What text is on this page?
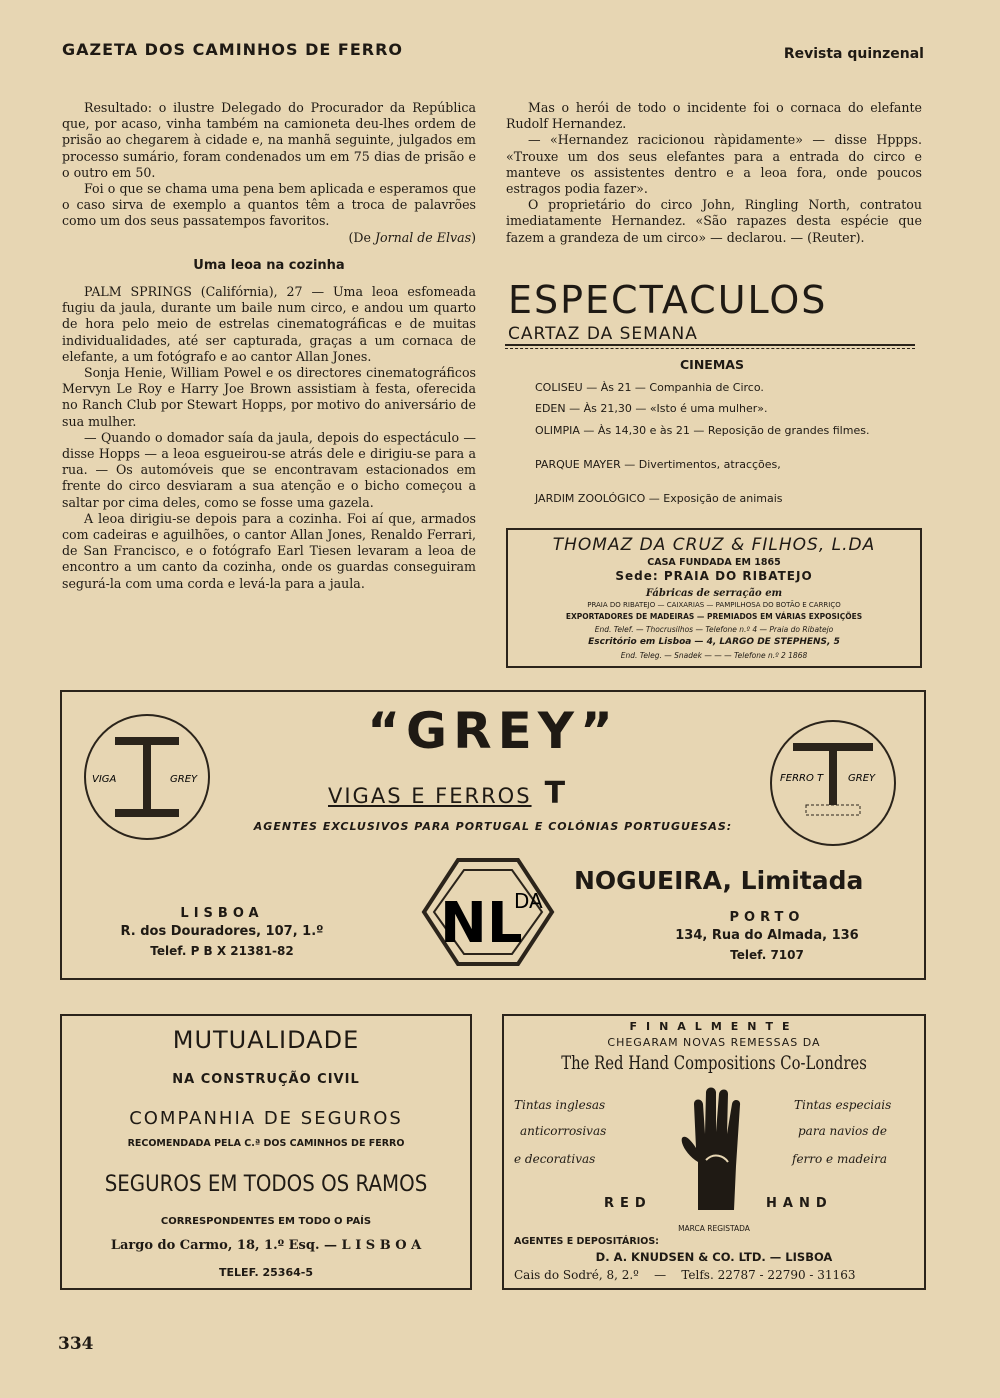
GAZETA DOS CAMINHOS DE FERRO	Revista quinzenal

Resultado: o ilustre Delegado do Procurador da República que, por acaso, vinha também na camioneta deu-lhes ordem de prisão ao chegarem à cidade e, na manhã seguinte, julgados em processo sumário, foram condenados um em 75 dias de prisão e o outro em 50.

Foi o que se chama uma pena bem aplicada e esperamos que o caso sirva de exemplo a quantos têm a troca de palavrões como um dos seus passatempos favoritos.

(De Jornal de Elvas)
Uma leoa na cozinha

PALM SPRINGS (Califórnia), 27 — Uma leoa esfomeada fugiu da jaula, durante um baile num circo, e andou um quarto de hora pelo meio de estrelas cinematográficas e de muitas individualidades, até ser capturada, graças a um cornaca de elefante, a um fotógrafo e ao cantor Allan Jones.

Sonja Henie, William Powel e os directores cinematográficos Mervyn Le Roy e Harry Joe Brown assistiam à festa, oferecida no Ranch Club por Stewart Hopps, por motivo do aniversário de sua mulher.

— Quando o domador saía da jaula, depois do espectáculo — disse Hopps — a leoa esgueirou-se atrás dele e dirigiu-se para a rua. — Os automóveis que se encontravam estacionados em frente do circo desviaram a sua atenção e o bicho começou a saltar por cima deles, como se fosse uma gazela.

A leoa dirigiu-se depois para a cozinha. Foi aí que, armados com cadeiras e aguilhões, o cantor Allan Jones, Renaldo Ferrari, de San Francisco, e o fotógrafo Earl Tiesen levaram a leoa de encontro a um canto da cozinha, onde os guardas conseguiram segurá-la com uma corda e levá-la para a jaula.

Mas o herói de todo o incidente foi o cornaca do elefante Rudolf Hernandez.

— «Hernandez racicionou ràpidamente» — disse Hppps. «Trouxe um dos seus elefantes para a entrada do circo e manteve os assistentes dentro e a leoa fora, onde poucos estragos podia fazer».

O proprietário do circo John, Ringling North, contratou imediatamente Hernandez. «São rapazes desta espécie que fazem a grandeza de um circo» — declarou. — (Reuter).

ESPECTACULOS
CARTAZ DA SEMANA
CINEMAS
COLISEU — Às 21 — Companhia de Circo.
EDEN — Às 21,30 — «Isto é uma mulher».
OLIMPIA — Às 14,30 e às 21 — Reposição de grandes filmes.
PARQUE MAYER — Divertimentos, atracções,
JARDIM ZOOLÓGICO — Exposição de animais
THOMAZ DA CRUZ & FILHOS, L.DA
CASA FUNDADA EM 1865
Sede: PRAIA DO RIBATEJO
Fábricas de serração em
PRAIA DO RIBATEJO — CAIXARIAS — PAMPILHOSA DO BOTÃO E CARRIÇO
EXPORTADORES DE MADEIRAS — PREMIADOS EM VÁRIAS EXPOSIÇÕES
End. Telef. — Thocrusilhos — Telefone n.º 4 — Praia do Ribatejo
Escritório em Lisboa — 4, LARGO DE STEPHENS, 5
End. Teleg. — Snadek — — — Telefone n.º 2 1868
VIGA	GREY	FERRO T GREY
“GREY”
VIGAS E FERROS T
AGENTES EXCLUSIVOS PARA PORTUGAL E COLÓNIAS PORTUGUESAS:
NL
DA
NOGUEIRA, Limitada
LISBOA
R. dos Douradores, 107, 1.º
Telef. P B X 21381-82
PORTO
134, Rua do Almada, 136
Telef. 7107
MUTUALIDADE
NA CONSTRUÇÃO CIVIL
COMPANHIA DE SEGUROS
RECOMENDADA PELA C.ª DOS CAMINHOS DE FERRO
SEGUROS EM TODOS OS RAMOS
CORRESPONDENTES EM TODO O PAÍS
Largo do Carmo, 18, 1.º Esq. — L I S B O A
TELEF. 25364-5
FINALMENTE
CHEGARAM NOVAS REMESSAS DA
The Red Hand Compositions Co-Londres
Tintas inglesas
anticorrosivas
e decorativas
Tintas especiais
para navios de
ferro e madeira
RED	HAND
MARCA REGISTADA
AGENTES E DEPOSITÁRIOS:
D. A. KNUDSEN & CO. LTD. — LISBOA
Cais do Sodré, 8, 2.º    —    Telfs. 22787 - 22790 - 31163
334
